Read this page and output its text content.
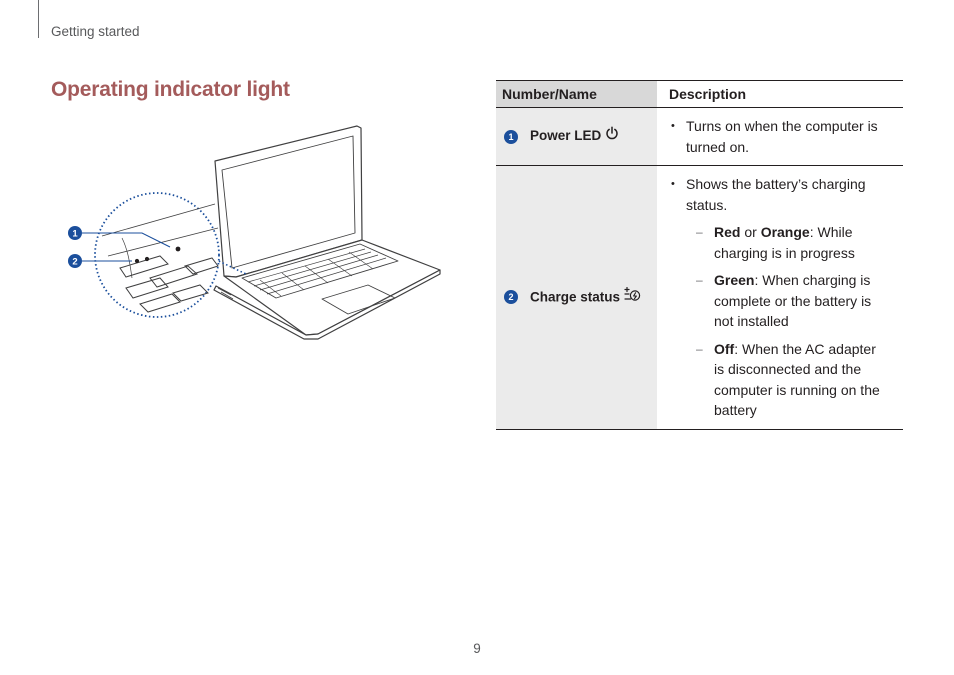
Getting started
Operating indicator light
1
2
Number/Name	Description
1 Power LED	• Turns on when the computer is turned on.

2 Charge status	• Shows the battery’s charging status.
– Red or Orange: While charging is in progress
– Green: When charging is complete or the battery is not installed
– Off: When the AC adapter is disconnected and the computer is running on the battery
9
